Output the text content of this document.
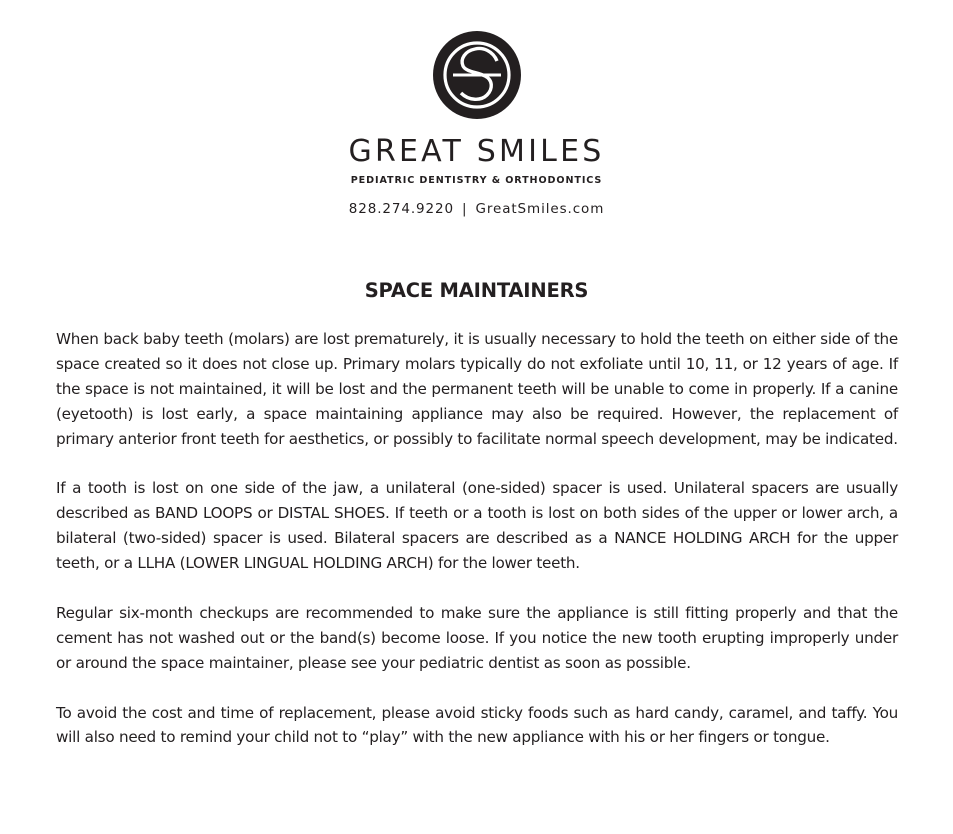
GREAT SMILES
PEDIATRIC DENTISTRY & ORTHODONTICS
828.274.9220 | GreatSmiles.com
SPACE MAINTAINERS

When back baby teeth (molars) are lost prematurely, it is usually necessary to hold the teeth on either side of the space created so it does not close up. Primary molars typically do not exfoliate until 10, 11, or 12 years of age. If the space is not maintained, it will be lost and the permanent teeth will be unable to come in properly. If a canine (eyetooth) is lost early, a space maintaining appliance may also be required. However, the replacement of primary anterior front teeth for aesthetics, or possibly to facilitate normal speech development, may be indicated.

If a tooth is lost on one side of the jaw, a unilateral (one-sided) spacer is used. Unilateral spacers are usually described as BAND LOOPS or DISTAL SHOES. If teeth or a tooth is lost on both sides of the upper or lower arch, a bilateral (two-sided) spacer is used. Bilateral spacers are described as a NANCE HOLDING ARCH for the upper teeth, or a LLHA (LOWER LINGUAL HOLDING ARCH) for the lower teeth.

Regular six-month checkups are recommended to make sure the appliance is still fitting properly and that the cement has not washed out or the band(s) become loose. If you notice the new tooth erupting improperly under or around the space maintainer, please see your pediatric dentist as soon as possible.

To avoid the cost and time of replacement, please avoid sticky foods such as hard candy, caramel, and taffy. You will also need to remind your child not to “play” with the new appliance with his or her fingers or tongue.
